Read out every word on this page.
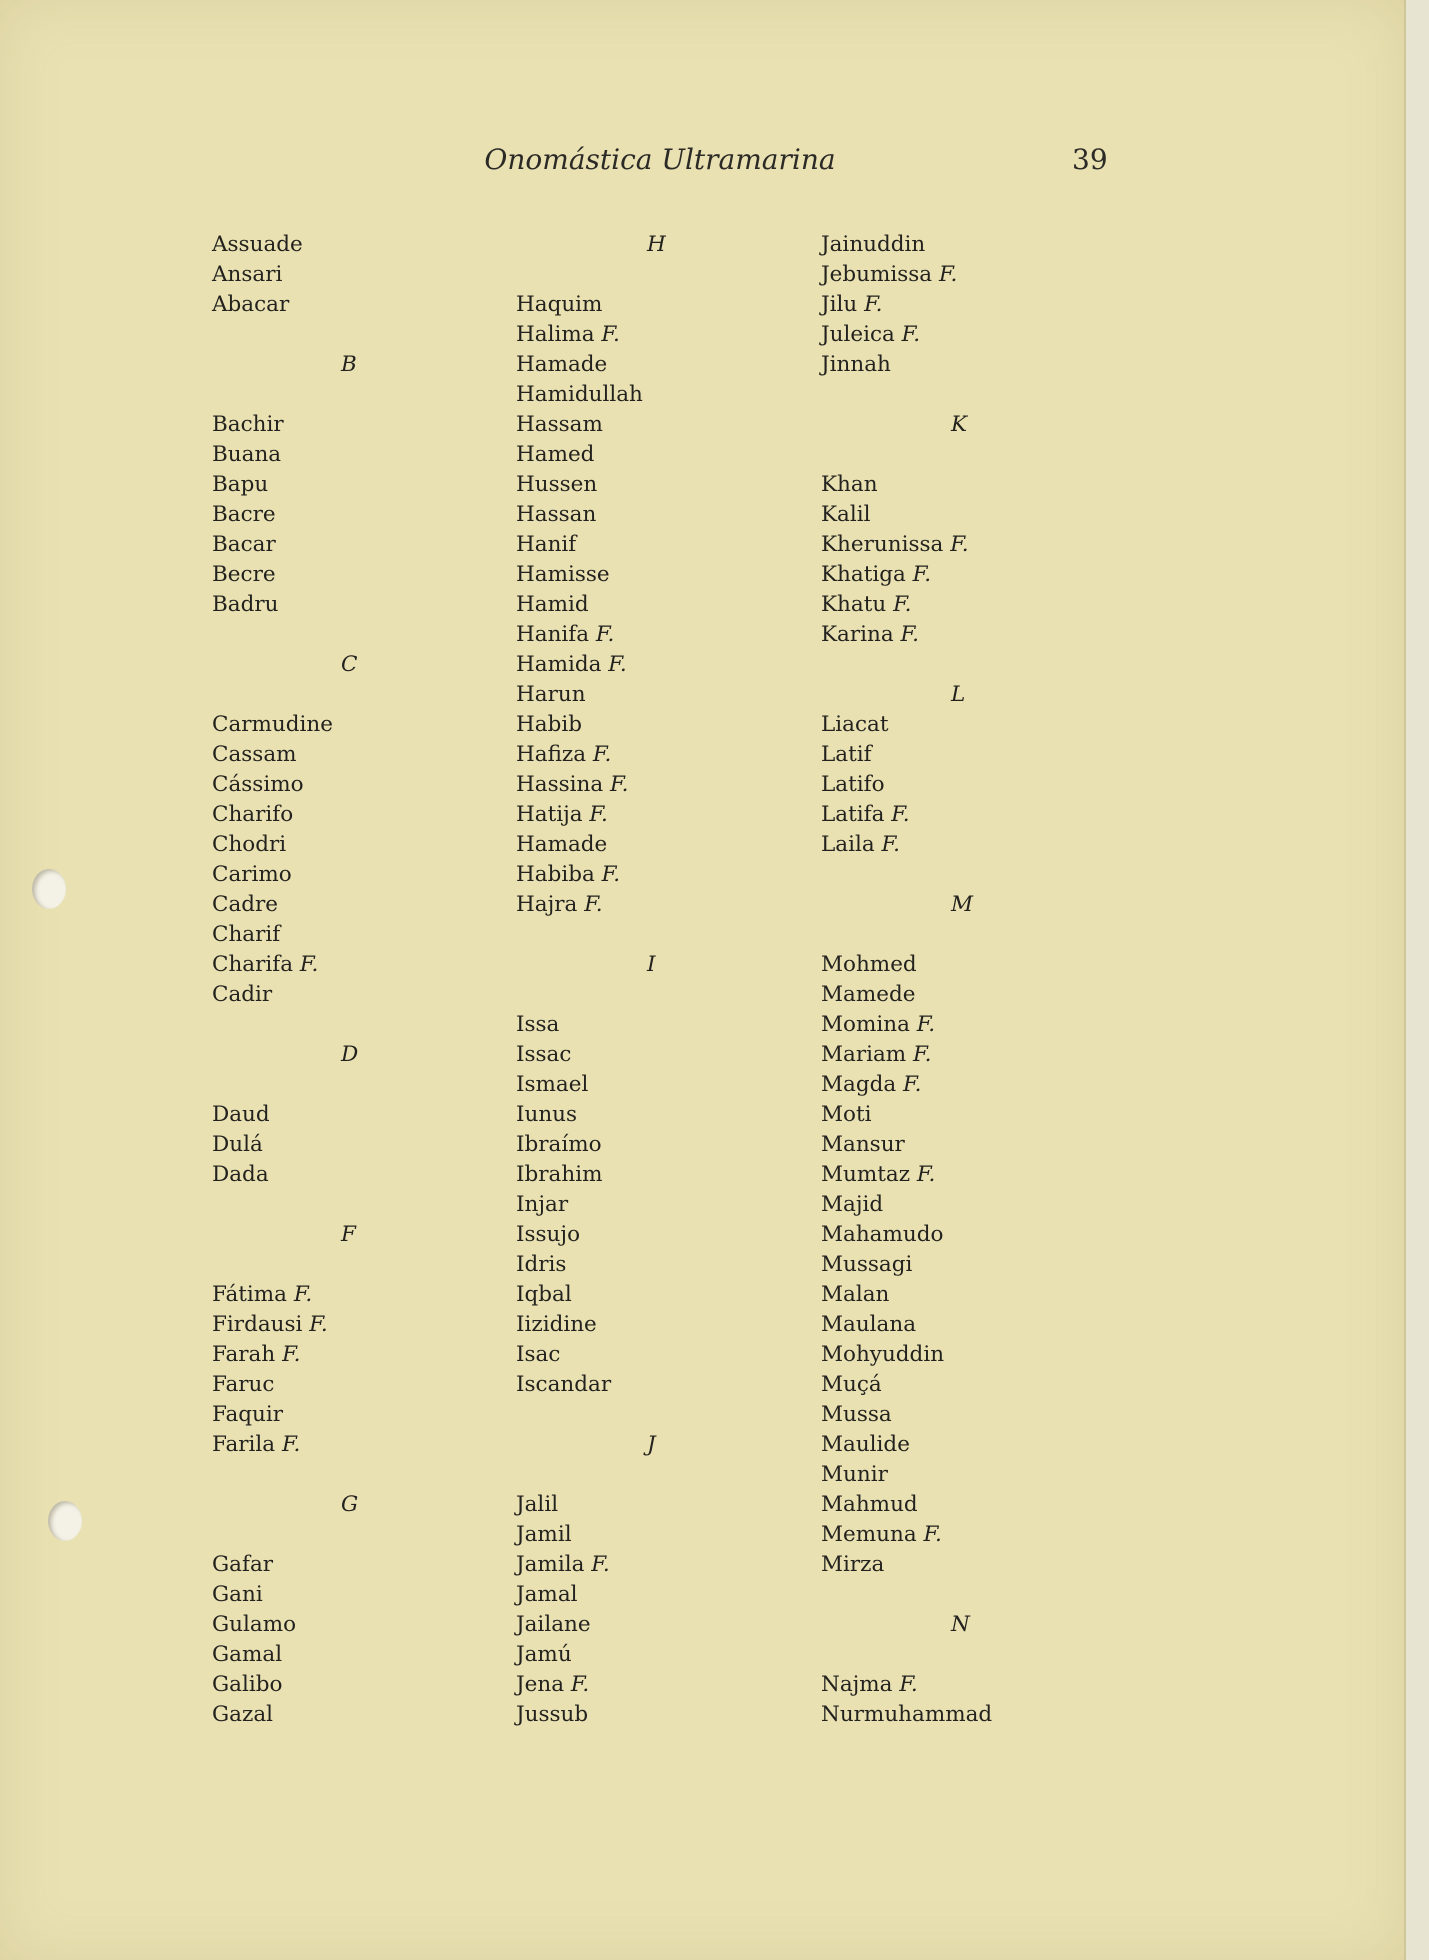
Onomástica Ultramarina	39
Assuade
Ansari
Abacar
B
Bachir
Buana
Bapu
Bacre
Bacar
Becre
Badru
C
Carmudine
Cassam
Cássimo
Charifo
Chodri
Carimo
Cadre
Charif
Charifa F.
Cadir
D
Daud
Dulá
Dada
F
Fátima F.
Firdausi F.
Farah F.
Faruc
Faquir
Farila F.
G
Gafar
Gani
Gulamo
Gamal
Galibo
Gazal
H
Haquim
Halima F.
Hamade
Hamidullah
Hassam
Hamed
Hussen
Hassan
Hanif
Hamisse
Hamid
Hanifa F.
Hamida F.
Harun
Habib
Hafiza F.
Hassina F.
Hatija F.
Hamade
Habiba F.
Hajra F.
I
Issa
Issac
Ismael
Iunus
Ibraímo
Ibrahim
Injar
Issujo
Idris
Iqbal
Iizidine
Isac
Iscandar
J
Jalil
Jamil
Jamila F.
Jamal
Jailane
Jamú
Jena F.
Jussub
Jainuddin
Jebumissa F.
Jilu F.
Juleica F.
Jinnah
K
Khan
Kalil
Kherunissa F.
Khatiga F.
Khatu F.
Karina F.
L
Liacat
Latif
Latifo
Latifa F.
Laila F.
M
Mohmed
Mamede
Momina F.
Mariam F.
Magda F.
Moti
Mansur
Mumtaz F.
Majid
Mahamudo
Mussagi
Malan
Maulana
Mohyuddin
Muçá
Mussa
Maulide
Munir
Mahmud
Memuna F.
Mirza
N
Najma F.
Nurmuhammad
